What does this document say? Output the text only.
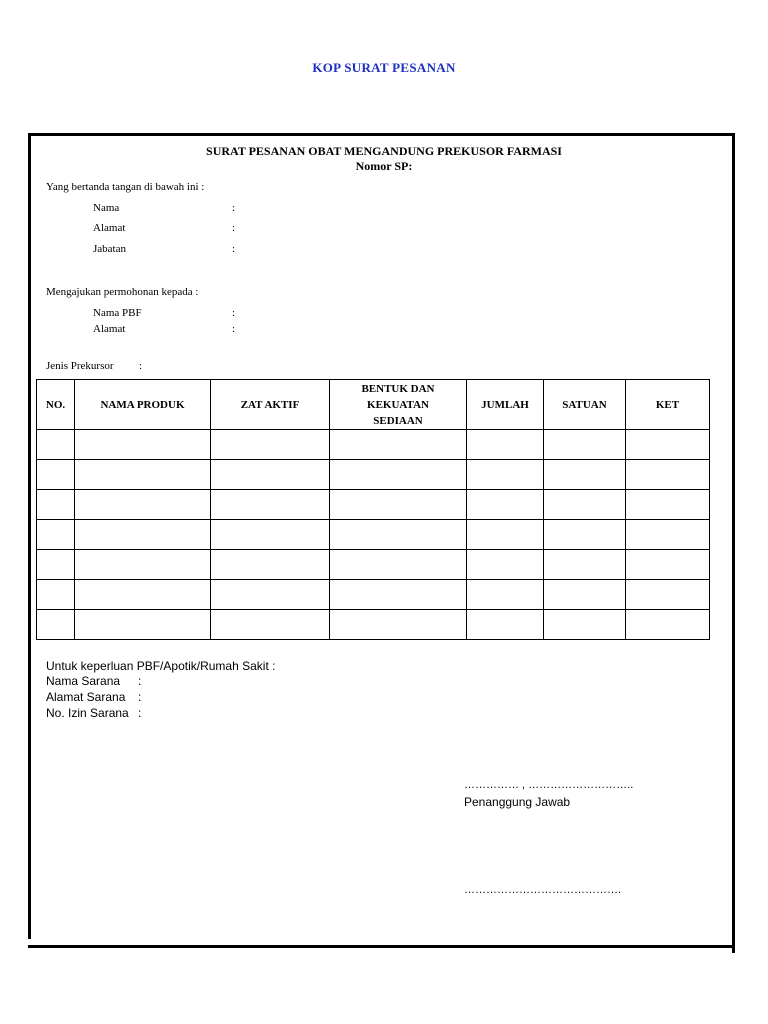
KOP SURAT PESANAN
SURAT PESANAN OBAT MENGANDUNG PREKUSOR FARMASI
Nomor SP:
Yang bertanda tangan di bawah ini :
Nama	:
Alamat	:
Jabatan	:
Mengajukan permohonan kepada :
Nama PBF	:
Alamat	:
Jenis Prekursor :
NO.	NAMA PRODUK	ZAT AKTIF	BENTUK DAN KEKUATAN SEDIAAN	JUMLAH	SATUAN	KET

Untuk keperluan PBF/Apotik/Rumah Sakit :
Nama Sarana :
Alamat Sarana :
No. Izin Sarana :
…………… , ………………………..
Penanggung Jawab
…………………………………….
